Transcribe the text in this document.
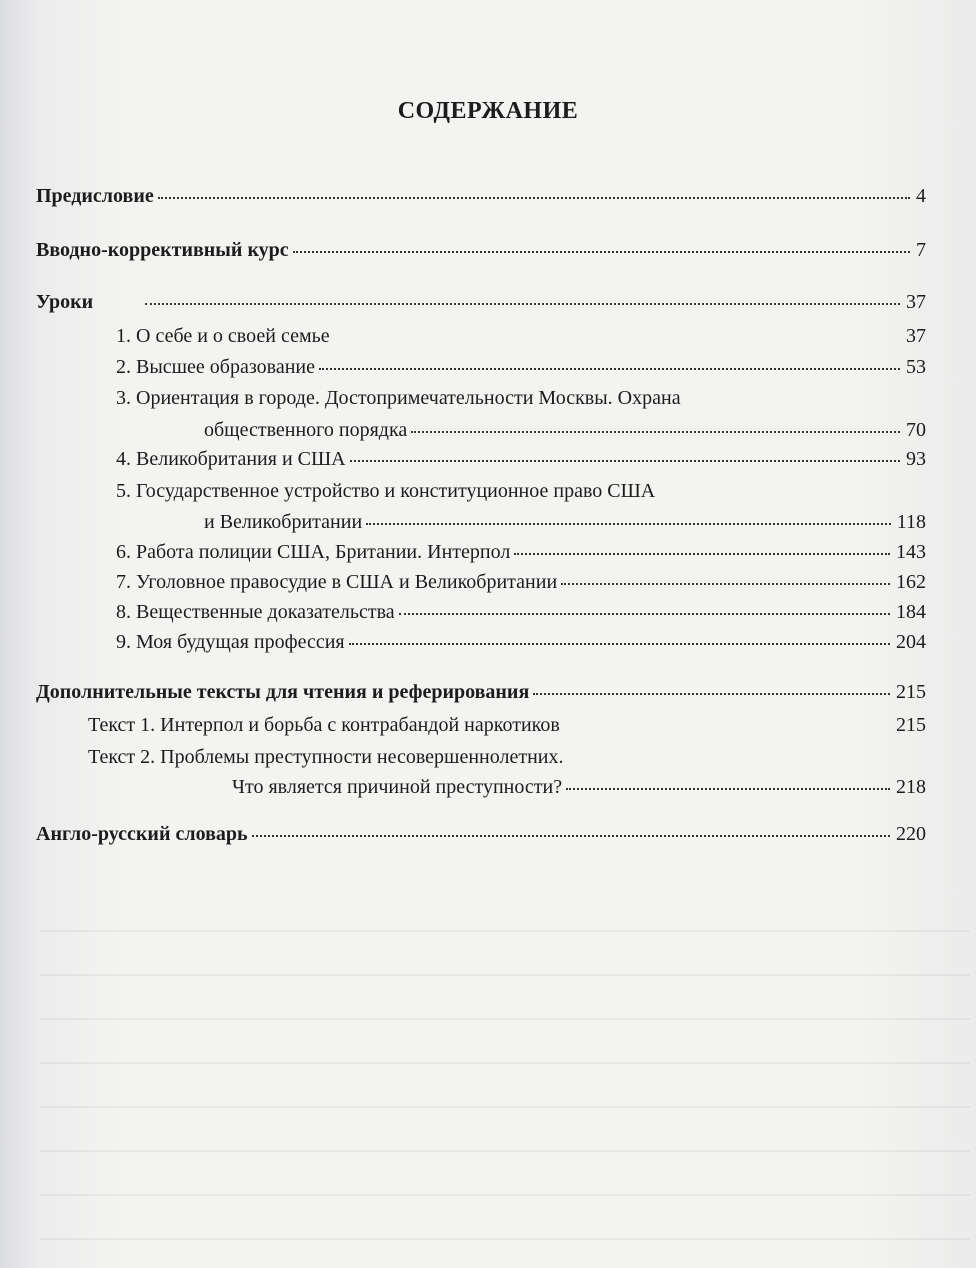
СОДЕРЖАНИЕ
Предисловие	4
Вводно-коррективный курс	7
Уроки	37
1. О себе и о своей семье	37
2. Высшее образование	53
3. Ориентация в городе. Достопримечательности Москвы. Охрана
общественного порядка	70
4. Великобритания и США	93
5. Государственное устройство и конституционное право США
и Великобритании	118
6. Работа полиции США, Британии. Интерпол	143
7. Уголовное правосудие в США и Великобритании	162
8. Вещественные доказательства	184
9. Моя будущая профессия	204
Дополнительные тексты для чтения и реферирования	215
Текст 1. Интерпол и борьба с контрабандой наркотиков	215
Текст 2. Проблемы преступности несовершеннолетних.
Что является причиной преступности?	218
Англо-русский словарь	220
